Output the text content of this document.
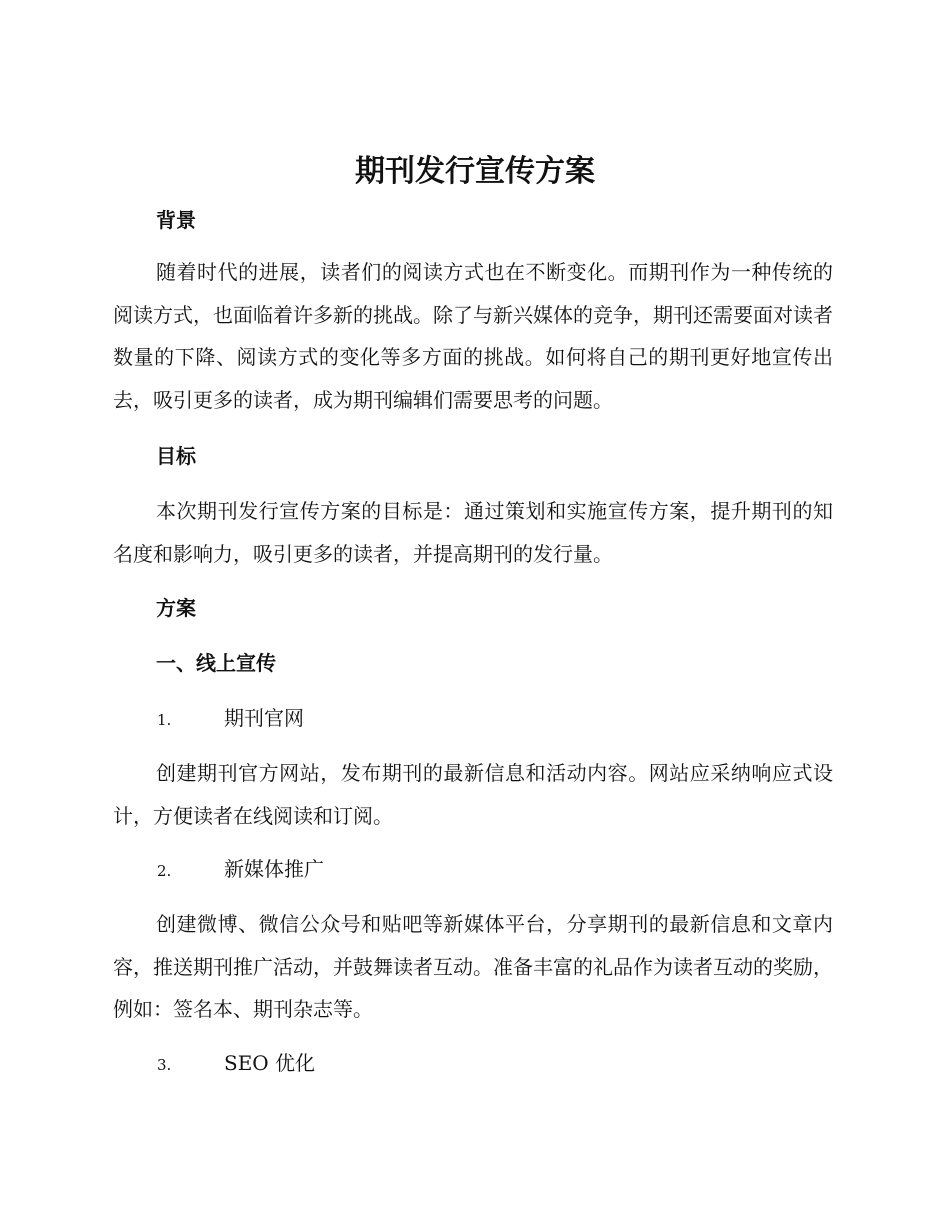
期刊发行宣传方案
背景

随着时代的进展，读者们的阅读方式也在不断变化。而期刊作为一种传统的阅读方式，也面临着许多新的挑战。除了与新兴媒体的竞争，期刊还需要面对读者数量的下降、阅读方式的变化等多方面的挑战。如何将自己的期刊更好地宣传出去，吸引更多的读者，成为期刊编辑们需要思考的问题。

目标

本次期刊发行宣传方案的目标是：通过策划和实施宣传方案，提升期刊的知名度和影响力，吸引更多的读者，并提高期刊的发行量。

方案
一、线上宣传
1.	期刊官网

创建期刊官方网站，发布期刊的最新信息和活动内容。网站应采纳响应式设计，方便读者在线阅读和订阅。

2.	新媒体推广

创建微博、微信公众号和贴吧等新媒体平台，分享期刊的最新信息和文章内容，推送期刊推广活动，并鼓舞读者互动。准备丰富的礼品作为读者互动的奖励，例如：签名本、期刊杂志等。

3.	SEO 优化
